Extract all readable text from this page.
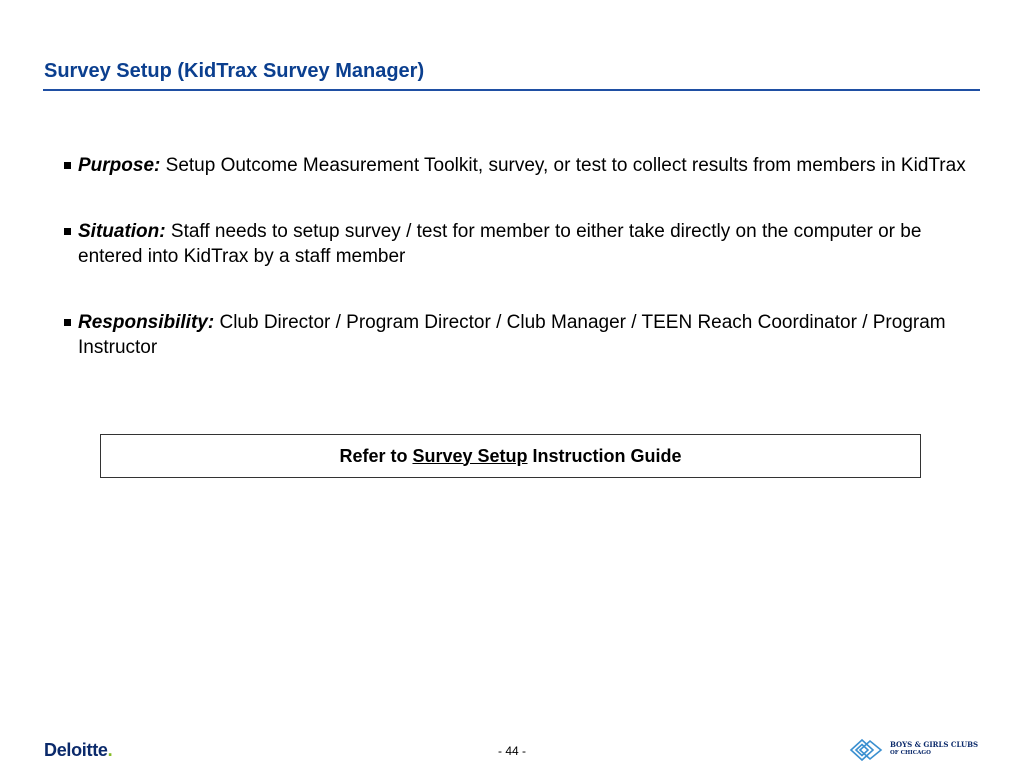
Survey Setup (KidTrax Survey Manager)
Purpose: Setup Outcome Measurement Toolkit, survey, or test to collect results from members in KidTrax
Situation: Staff needs to setup survey / test for member to either take directly on the computer or be entered into KidTrax by a staff member
Responsibility: Club Director / Program Director / Club Manager / TEEN Reach Coordinator / Program Instructor
Refer to Survey Setup Instruction Guide
Deloitte.	- 44 -	BOYS & GIRLS CLUBS
OF CHICAGO
